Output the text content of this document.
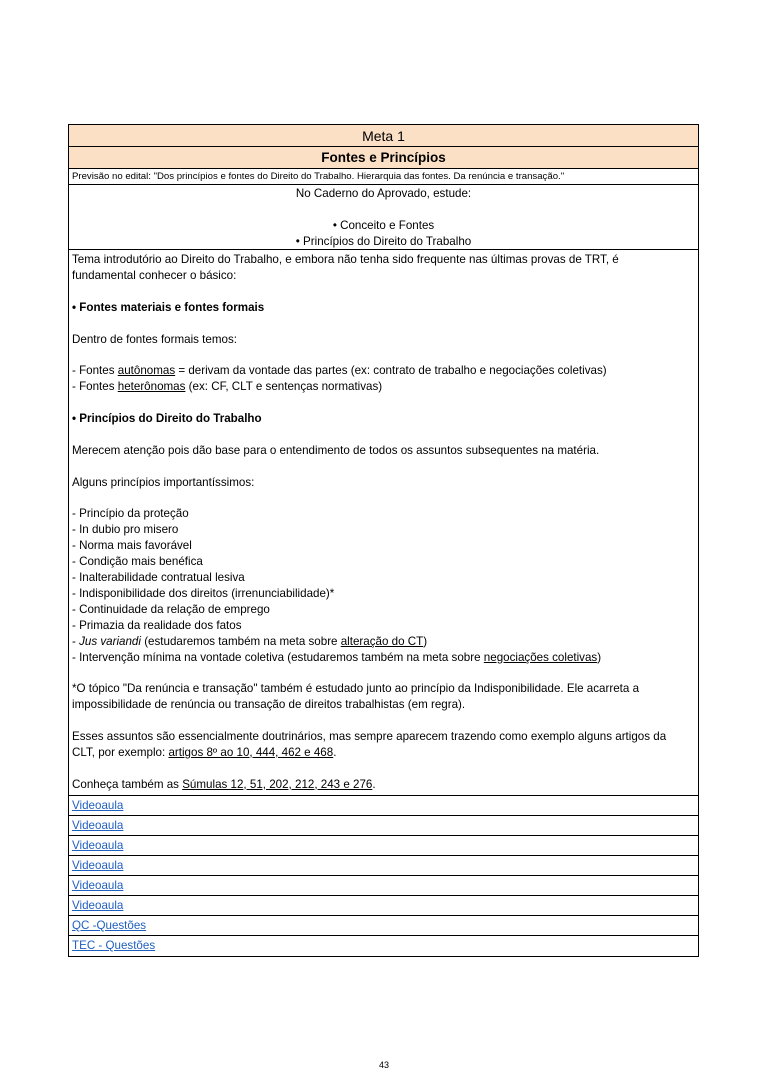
Meta 1
Fontes e Princípios
Previsão no edital: "Dos princípios e fontes do Direito do Trabalho. Hierarquia das fontes. Da renúncia e transação."
No Caderno do Aprovado, estude:
• Conceito e Fontes
• Princípios do Direito do Trabalho

Tema introdutório ao Direito do Trabalho, e embora não tenha sido frequente nas últimas provas de TRT, é

fundamental conhecer o básico:

• Fontes materiais e fontes formais

Dentro de fontes formais temos:

- Fontes autônomas = derivam da vontade das partes (ex: contrato de trabalho e negociações coletivas)

- Fontes heterônomas (ex: CF, CLT e sentenças normativas)

• Princípios do Direito do Trabalho

Merecem atenção pois dão base para o entendimento de todos os assuntos subsequentes na matéria.

Alguns princípios importantíssimos:

- Princípio da proteção

- In dubio pro misero

- Norma mais favorável

- Condição mais benéfica

- Inalterabilidade contratual lesiva

- Indisponibilidade dos direitos (irrenunciabilidade)*

- Continuidade da relação de emprego

- Primazia da realidade dos fatos

- Jus variandi (estudaremos também na meta sobre alteração do CT)

- Intervenção mínima na vontade coletiva (estudaremos também na meta sobre negociações coletivas)

*O tópico "Da renúncia e transação" também é estudado junto ao princípio da Indisponibilidade. Ele acarreta a

impossibilidade de renúncia ou transação de direitos trabalhistas (em regra).

Esses assuntos são essencialmente doutrinários, mas sempre aparecem trazendo como exemplo alguns artigos da

CLT, por exemplo: artigos 8º ao 10, 444, 462 e 468.

Conheça também as Súmulas 12, 51, 202, 212, 243 e 276.

Videoaula
Videoaula
Videoaula
Videoaula
Videoaula
Videoaula
QC -Questões
TEC - Questões
43
